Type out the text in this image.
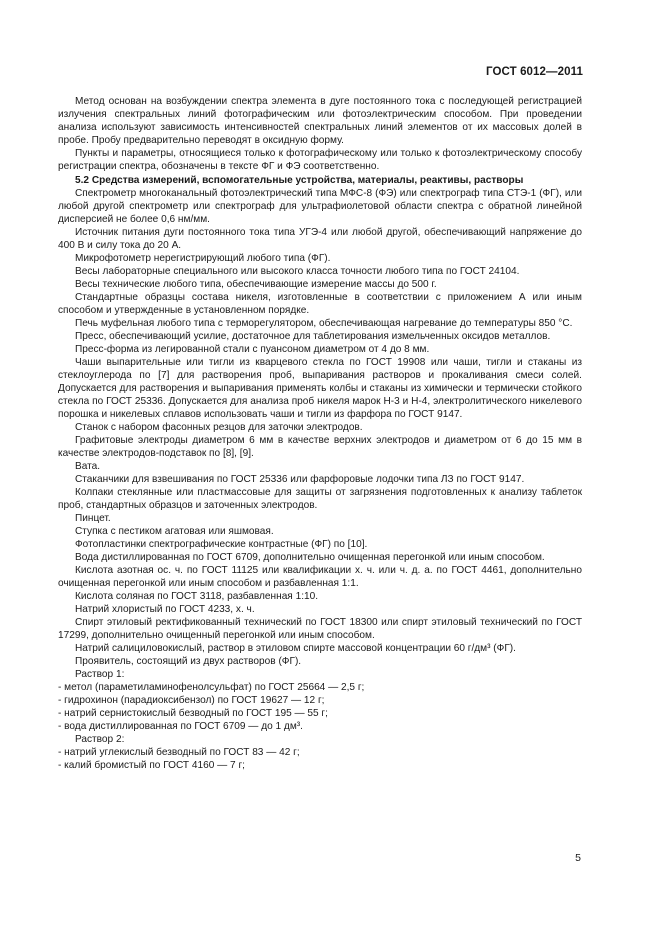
ГОСТ 6012—2011

Метод основан на возбуждении спектра элемента в дуге постоянного тока с последующей регистрацией излучения спектральных линий фотографическим или фотоэлектрическим способом. При проведении анализа используют зависимость интенсивностей спектральных линий элементов от их массовых долей в пробе. Пробу предварительно переводят в оксидную форму.

Пункты и параметры, относящиеся только к фотографическому или только к фотоэлектрическому способу регистрации спектра, обозначены в тексте ФГ и ФЭ соответственно.

5.2 Средства измерений, вспомогательные устройства, материалы, реактивы, растворы

Спектрометр многоканальный фотоэлектрический типа МФС-8 (ФЭ) или спектрограф типа СТЭ-1 (ФГ), или любой другой спектрометр или спектрограф для ультрафиолетовой области спектра с обратной линейной дисперсией не более 0,6 нм/мм.

Источник питания дуги постоянного тока типа УГЭ-4 или любой другой, обеспечивающий напряжение до 400 В и силу тока до 20 А.

Микрофотометр нерегистрирующий любого типа (ФГ).

Весы лабораторные специального или высокого класса точности любого типа по ГОСТ 24104.

Весы технические любого типа, обеспечивающие измерение массы до 500 г.

Стандартные образцы состава никеля, изготовленные в соответствии с приложением А или иным способом и утвержденные в установленном порядке.

Печь муфельная любого типа с терморегулятором, обеспечивающая нагревание до температуры 850 °С.

Пресс, обеспечивающий усилие, достаточное для таблетирования измельченных оксидов металлов.

Пресс-форма из легированной стали с пуансоном диаметром от 4 до 8 мм.

Чаши выпарительные или тигли из кварцевого стекла по ГОСТ 19908 или чаши, тигли и стаканы из стеклоуглерода по [7] для растворения проб, выпаривания растворов и прокаливания смеси солей. Допускается для растворения и выпаривания применять колбы и стаканы из химически и термически стойкого стекла по ГОСТ 25336. Допускается для анализа проб никеля марок Н-3 и Н-4, электролитического никелевого порошка и никелевых сплавов использовать чаши и тигли из фарфора по ГОСТ 9147.

Станок с набором фасонных резцов для заточки электродов.

Графитовые электроды диаметром 6 мм в качестве верхних электродов и диаметром от 6 до 15 мм в качестве электродов-подставок по [8], [9].

Вата.

Стаканчики для взвешивания по ГОСТ 25336 или фарфоровые лодочки типа ЛЗ по ГОСТ 9147.

Колпаки стеклянные или пластмассовые для защиты от загрязнения подготовленных к анализу таблеток проб, стандартных образцов и заточенных электродов.

Пинцет.

Ступка с пестиком агатовая или яшмовая.

Фотопластинки спектрографические контрастные (ФГ) по [10].

Вода дистиллированная по ГОСТ 6709, дополнительно очищенная перегонкой или иным способом.

Кислота азотная ос. ч. по ГОСТ 11125 или квалификации х. ч. или ч. д. а. по ГОСТ 4461, дополнительно очищенная перегонкой или иным способом и разбавленная 1:1.

Кислота соляная по ГОСТ 3118, разбавленная 1:10.

Натрий хлористый по ГОСТ 4233, х. ч.

Спирт этиловый ректификованный технический по ГОСТ 18300 или спирт этиловый технический по ГОСТ 17299, дополнительно очищенный перегонкой или иным способом.

Натрий салициловокислый, раствор в этиловом спирте массовой концентрации 60 г/дм³ (ФГ).

Проявитель, состоящий из двух растворов (ФГ).

Раствор 1:

- метол (параметиламинофенолсульфат) по ГОСТ 25664 — 2,5 г;

- гидрохинон (парадиоксибензол) по ГОСТ 19627 — 12 г;

- натрий сернистокислый безводный по ГОСТ 195 — 55 г;

- вода дистиллированная по ГОСТ 6709 — до 1 дм³.

Раствор 2:

- натрий углекислый безводный по ГОСТ 83 — 42 г;

- калий бромистый по ГОСТ 4160 — 7 г;

5
